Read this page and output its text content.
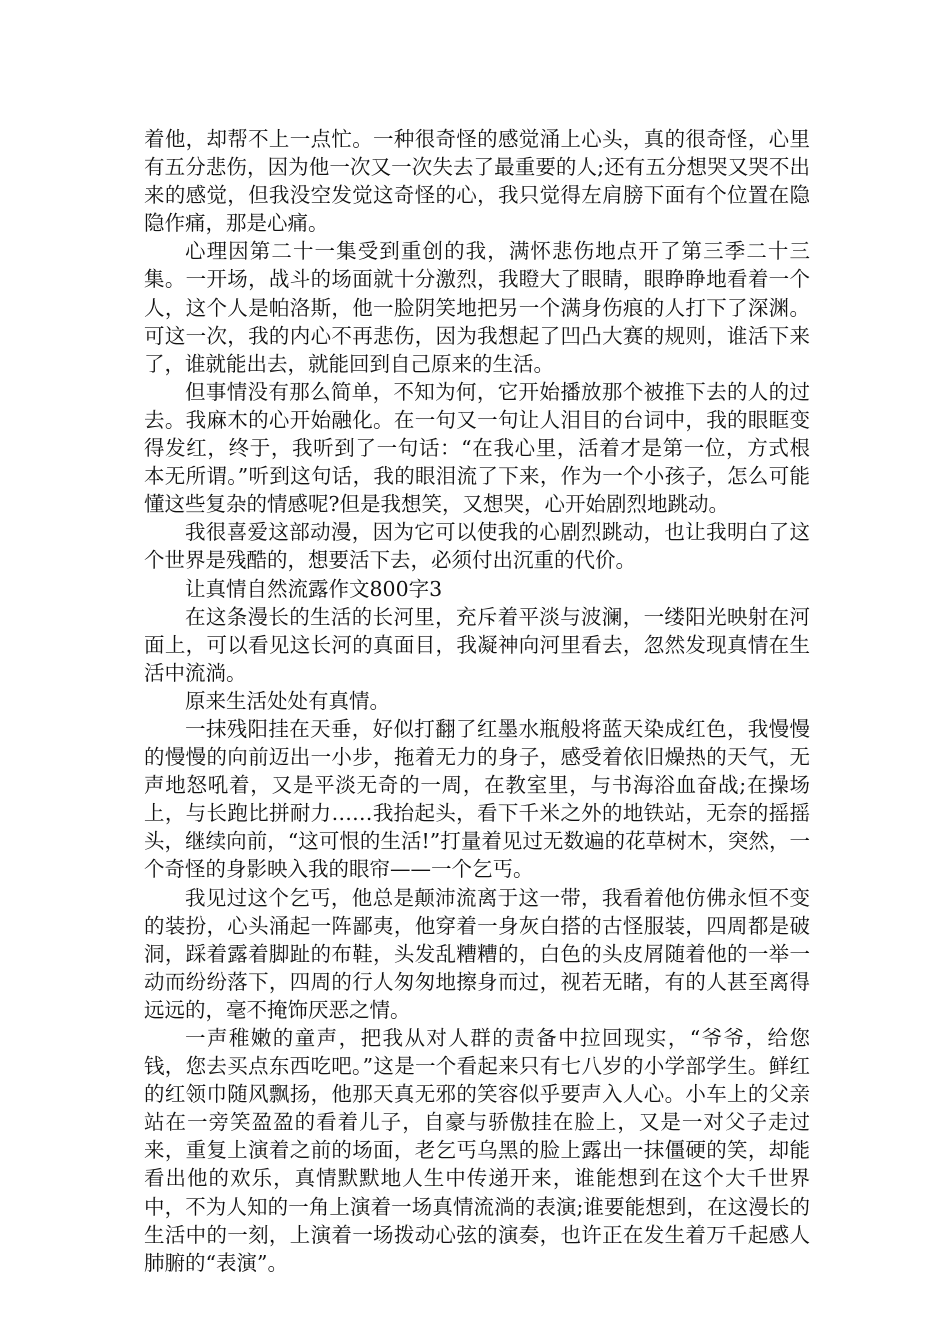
着他，却帮不上一点忙。一种很奇怪的感觉涌上心头，真的很奇怪，心里有五分悲伤，因为他一次又一次失去了最重要的人;还有五分想哭又哭不出来的感觉，但我没空发觉这奇怪的心，我只觉得左肩膀下面有个位置在隐隐作痛，那是心痛。

心理因第二十一集受到重创的我，满怀悲伤地点开了第三季二十三集。一开场，战斗的场面就十分激烈，我瞪大了眼睛，眼睁睁地看着一个人，这个人是帕洛斯，他一脸阴笑地把另一个满身伤痕的人打下了深渊。可这一次，我的内心不再悲伤，因为我想起了凹凸大赛的规则，谁活下来了，谁就能出去，就能回到自己原来的生活。

但事情没有那么简单，不知为何，它开始播放那个被推下去的人的过去。我麻木的心开始融化。在一句又一句让人泪目的台词中，我的眼眶变得发红，终于，我听到了一句话：“在我心里，活着才是第一位，方式根本无所谓。”听到这句话，我的眼泪流了下来，作为一个小孩子，怎么可能懂这些复杂的情感呢?但是我想笑，又想哭，心开始剧烈地跳动。

我很喜爱这部动漫，因为它可以使我的心剧烈跳动，也让我明白了这个世界是残酷的，想要活下去，必须付出沉重的代价。

让真情自然流露作文800字3

在这条漫长的生活的长河里，充斥着平淡与波澜，一缕阳光映射在河面上，可以看见这长河的真面目，我凝神向河里看去，忽然发现真情在生活中流淌。

原来生活处处有真情。

一抹残阳挂在天垂，好似打翻了红墨水瓶般将蓝天染成红色，我慢慢的慢慢的向前迈出一小步，拖着无力的身子，感受着依旧燥热的天气，无声地怒吼着，又是平淡无奇的一周，在教室里，与书海浴血奋战;在操场上，与长跑比拼耐力……我抬起头，看下千米之外的地铁站，无奈的摇摇头，继续向前，“这可恨的生活!”打量着见过无数遍的花草树木，突然，一个奇怪的身影映入我的眼帘——一个乞丐。

我见过这个乞丐，他总是颠沛流离于这一带，我看着他仿佛永恒不变的装扮，心头涌起一阵鄙夷，他穿着一身灰白搭的古怪服装，四周都是破洞，踩着露着脚趾的布鞋，头发乱糟糟的，白色的头皮屑随着他的一举一动而纷纷落下，四周的行人匆匆地擦身而过，视若无睹，有的人甚至离得远远的，毫不掩饰厌恶之情。

一声稚嫩的童声，把我从对人群的责备中拉回现实，“爷爷，给您钱，您去买点东西吃吧。”这是一个看起来只有七八岁的小学部学生。鲜红的红领巾随风飘扬，他那天真无邪的笑容似乎要声入人心。小车上的父亲站在一旁笑盈盈的看着儿子，自豪与骄傲挂在脸上，又是一对父子走过来，重复上演着之前的场面，老乞丐乌黑的脸上露出一抹僵硬的笑，却能看出他的欢乐，真情默默地人生中传递开来，谁能想到在这个大千世界中，不为人知的一角上演着一场真情流淌的表演;谁要能想到，在这漫长的生活中的一刻，上演着一场拨动心弦的演奏，也许正在发生着万千起感人肺腑的“表演”。
